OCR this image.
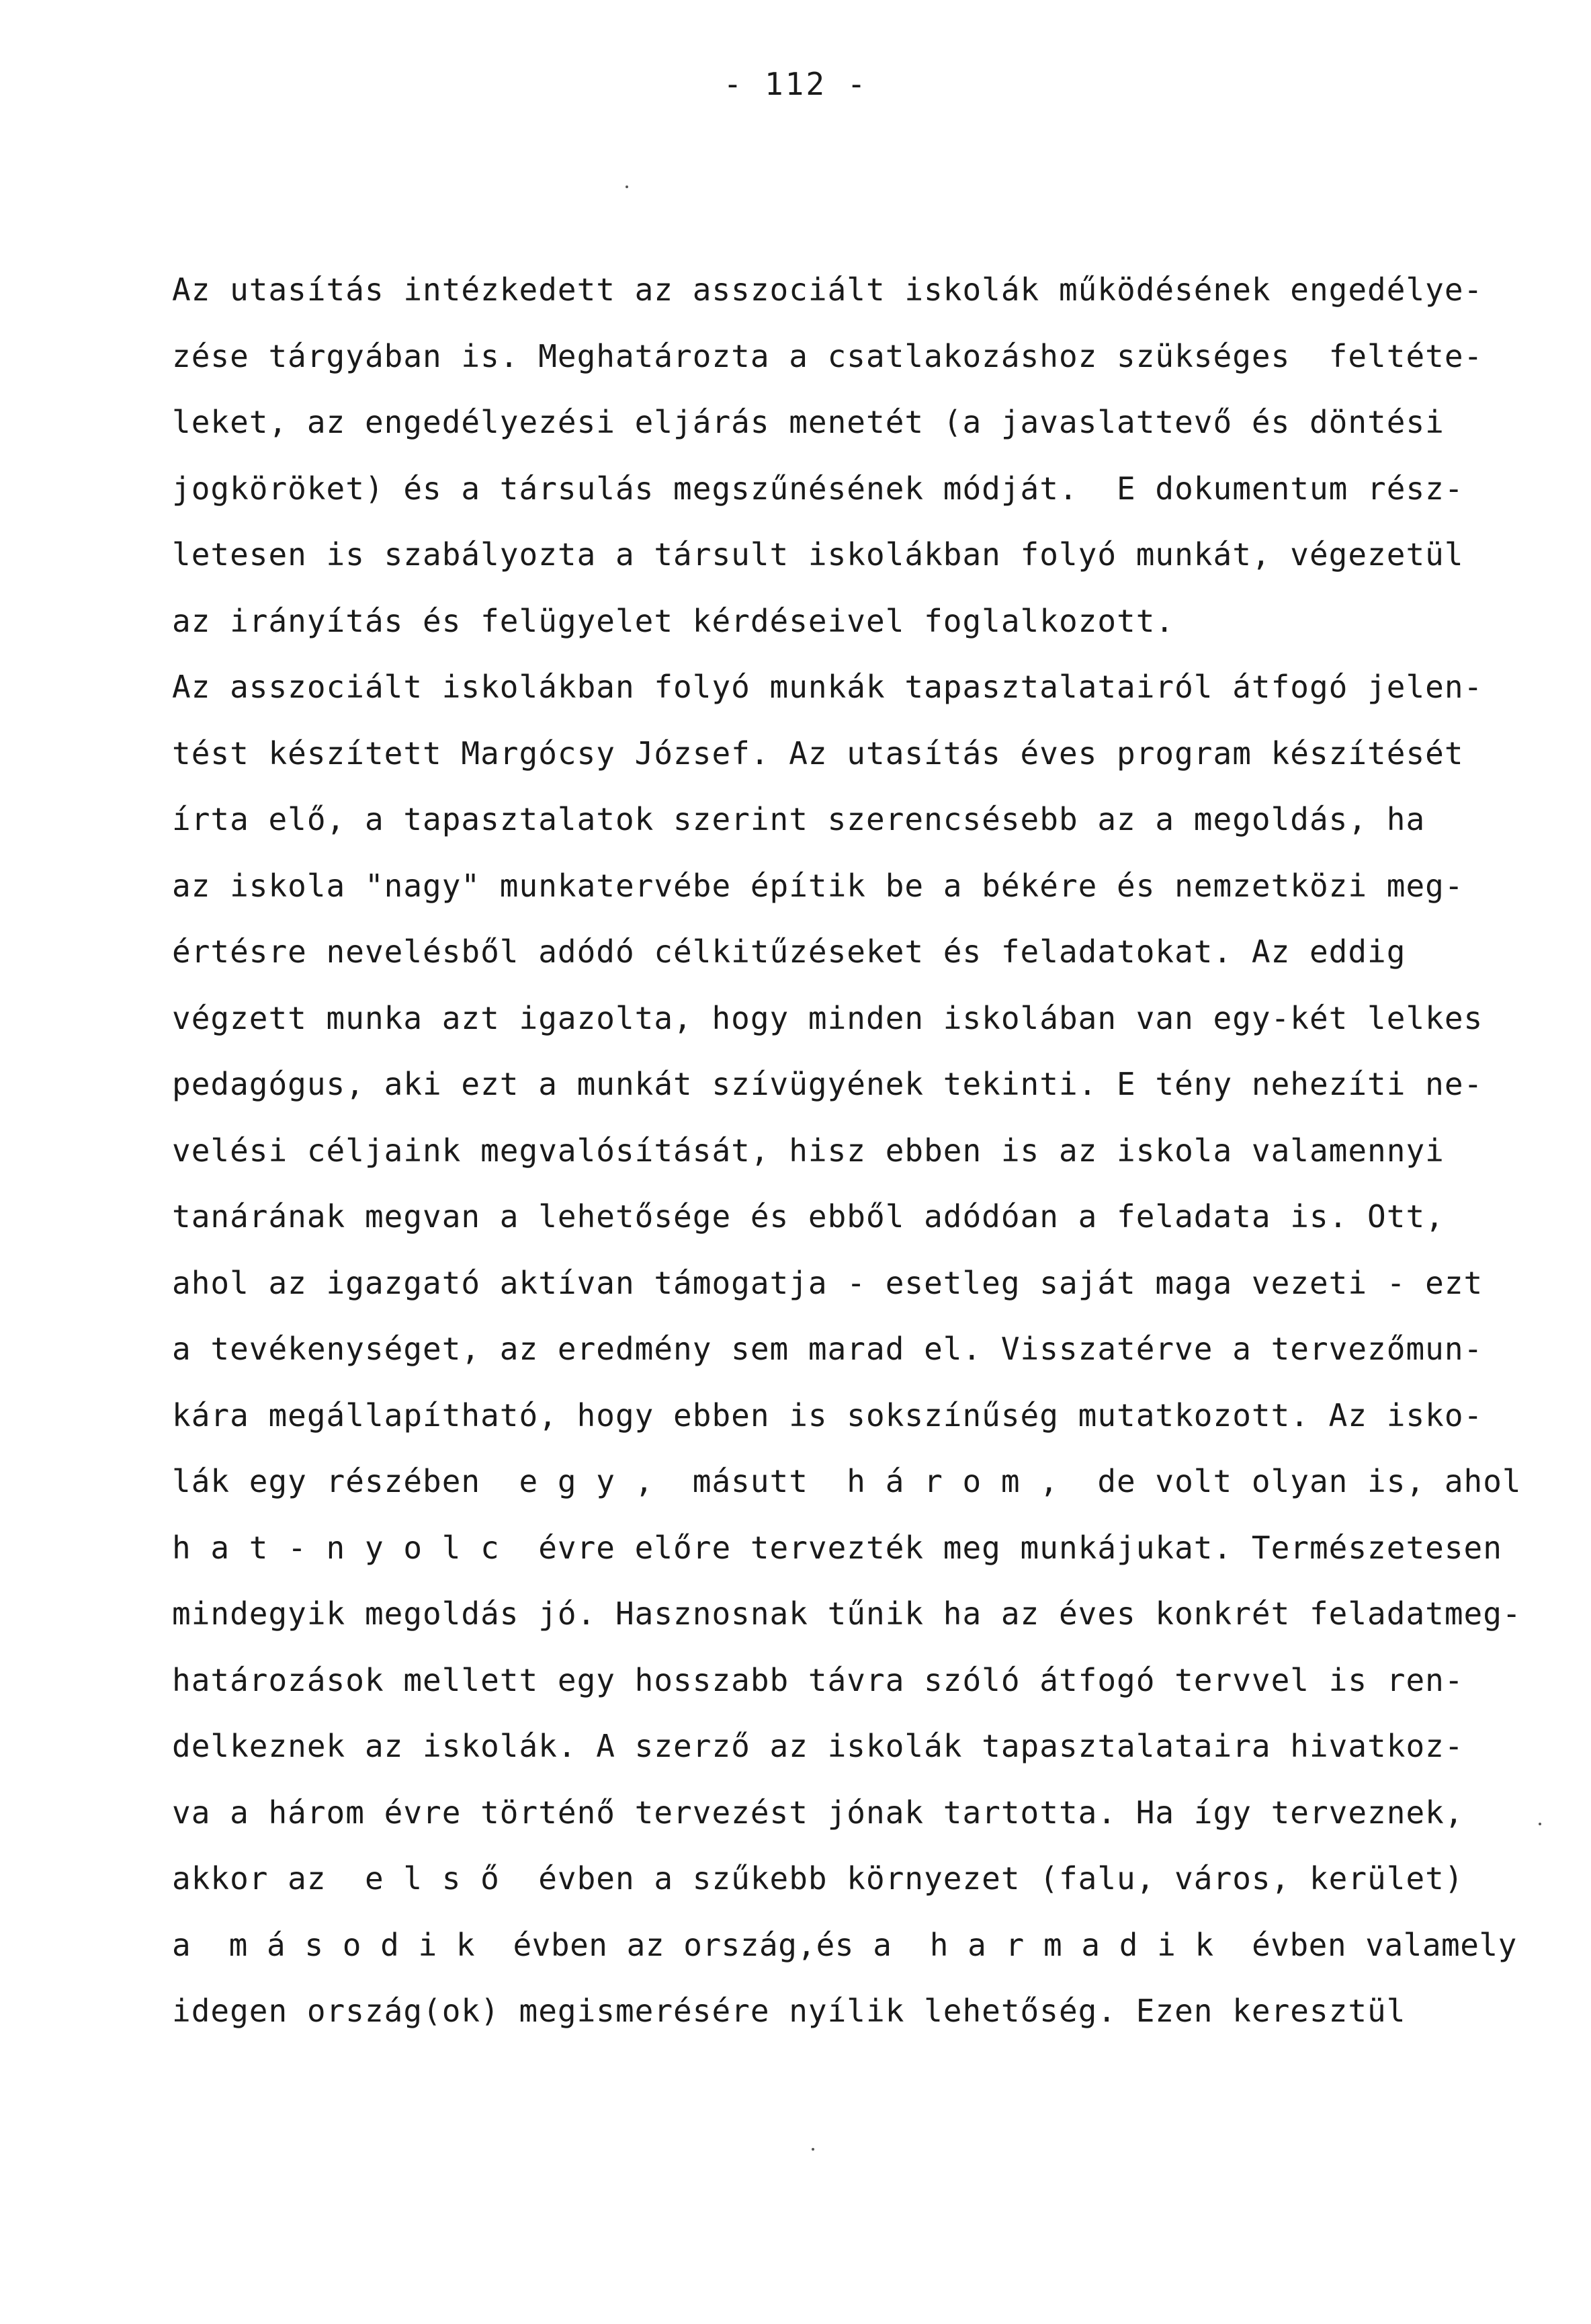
- 112 -
Az utasítás intézkedett az asszociált iskolák működésének engedélye-
zése tárgyában is. Meghatározta a csatlakozáshoz szükséges  feltéte-
leket, az engedélyezési eljárás menetét (a javaslattevő és döntési
jogköröket) és a társulás megszűnésének módját.  E dokumentum rész-
letesen is szabályozta a társult iskolákban folyó munkát, végezetül
az irányítás és felügyelet kérdéseivel foglalkozott.
Az asszociált iskolákban folyó munkák tapasztalatairól átfogó jelen-
tést készített Margócsy József. Az utasítás éves program készítését
írta elő, a tapasztalatok szerint szerencsésebb az a megoldás, ha
az iskola "nagy" munkatervébe építik be a békére és nemzetközi meg-
értésre nevelésből adódó célkitűzéseket és feladatokat. Az eddig
végzett munka azt igazolta, hogy minden iskolában van egy-két lelkes
pedagógus, aki ezt a munkát szívügyének tekinti. E tény nehezíti ne-
velési céljaink megvalósítását, hisz ebben is az iskola valamennyi
tanárának megvan a lehetősége és ebből adódóan a feladata is. Ott,
ahol az igazgató aktívan támogatja - esetleg saját maga vezeti - ezt
a tevékenységet, az eredmény sem marad el. Visszatérve a tervezőmun-
kára megállapítható, hogy ebben is sokszínűség mutatkozott. Az isko-
lák egy részében  e g y ,  másutt  h á r o m ,  de volt olyan is, ahol
h a t - n y o l c  évre előre tervezték meg munkájukat. Természetesen
mindegyik megoldás jó. Hasznosnak tűnik ha az éves konkrét feladatmeg-
határozások mellett egy hosszabb távra szóló átfogó tervvel is ren-
delkeznek az iskolák. A szerző az iskolák tapasztalataira hivatkoz-
va a három évre történő tervezést jónak tartotta. Ha így terveznek,
akkor az  e l s ő  évben a szűkebb környezet (falu, város, kerület)
a  m á s o d i k  évben az ország,és a  h a r m a d i k  évben valamely
idegen ország(ok) megismerésére nyílik lehetőség. Ezen keresztül
